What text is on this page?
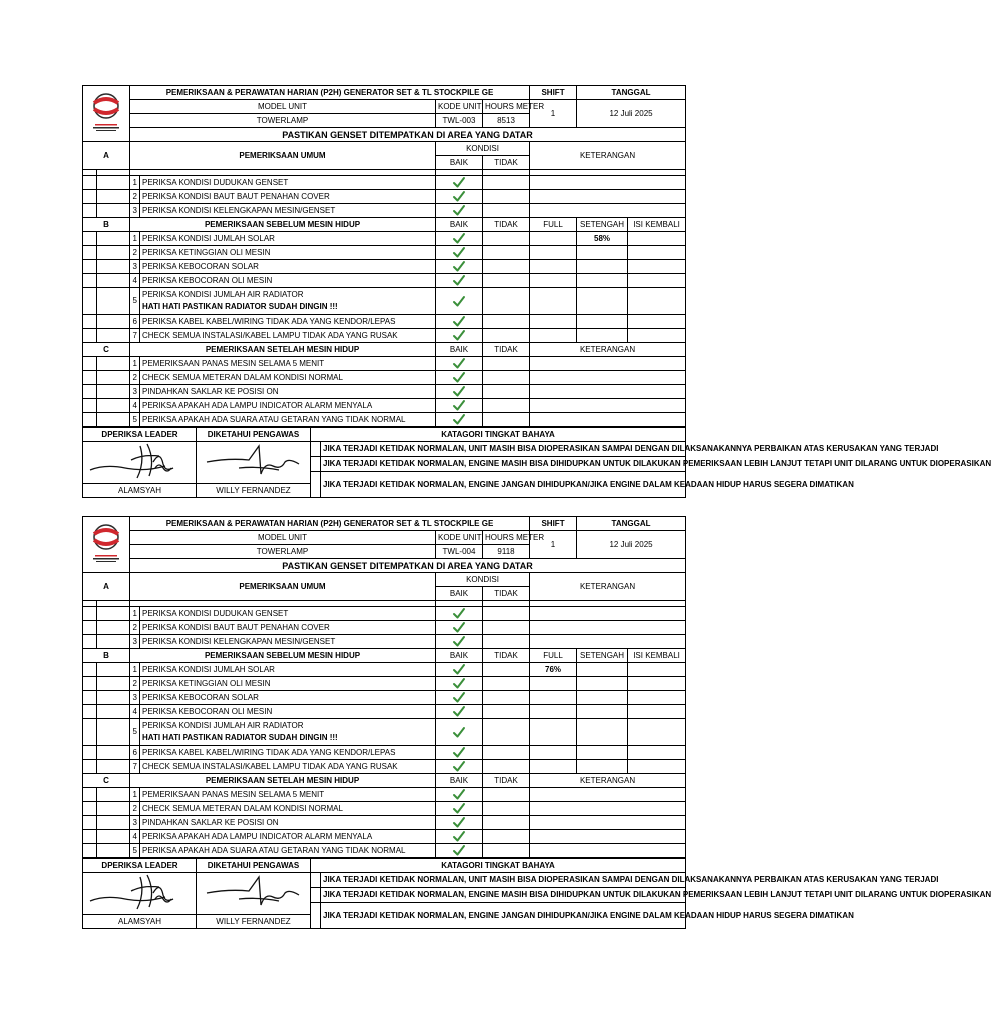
	PEMERIKSAAN & PERAWATAN HARIAN (P2H) GENERATOR SET & TL STOCKPILE GE				SHIFT	TANGGAL	
		MODEL UNIT		KODE UNIT	HOURS METER	1	12 Juli 2025	
		TOWERLAMP		TWL-003	8513			
		PASTIKAN GENSET DITEMPATKAN DI AREA YANG DATAR						
A		PEMERIKSAAN UMUM		KONDISI		KETERANGAN		
				BAIK	TIDAK			

		1	PERIKSA KONDISI DUDUKAN GENSET	

		2	PERIKSA KONDISI BAUT BAUT PENAHAN COVER	

		3	PERIKSA KONDISI KELENGKAPAN MESIN/GENSET	

B		PEMERIKSAAN SEBELUM MESIN HIDUP		BAIK	TIDAK	FULL	SETENGAH	ISI KEMBALI
		1	PERIKSA KONDISI JUMLAH SOLAR				58%	
		2	PERIKSA KETINGGIAN OLI MESIN	

		3	PERIKSA KEBOCORAN SOLAR	

		4	PERIKSA KEBOCORAN OLI MESIN	

		5	PERIKSA KONDISI JUMLAH AIR RADIATOR
HATI HATI PASTIKAN RADIATOR SUDAH DINGIN !!!	

		6	PERIKSA KABEL KABEL/WIRING TIDAK ADA YANG KENDOR/LEPAS	

		7	CHECK SEMUA INSTALASI/KABEL LAMPU TIDAK ADA YANG RUSAK	

C		PEMERIKSAAN SETELAH MESIN HIDUP		BAIK	TIDAK	KETERANGAN		
		1	PEMERIKSAAN PANAS MESIN SELAMA 5 MENIT	

		2	CHECK SEMUA METERAN DALAM KONDISI NORMAL	

		3	PINDAHKAN SAKLAR KE POSISI ON	

		4	PERIKSA APAKAH ADA LAMPU INDICATOR ALARM MENYALA	

		5	PERIKSA APAKAH ADA SUARA ATAU GETARAN YANG TIDAK NORMAL	

DPERIKSA LEADER	DIKETAHUI PENGAWAS	KATAGORI TINGKAT BAHAYA	
			JIKA TERJADI KETIDAK NORMALAN, UNIT MASIH BISA DIOPERASIKAN SAMPAI DENGAN DILAKSANAKANNYA PERBAIKAN ATAS KERUSAKAN YANG TERJADI
			JIKA TERJADI KETIDAK NORMALAN, ENGINE MASIH BISA DIHIDUPKAN UNTUK DILAKUKAN PEMERIKSAAN LEBIH LANJUT TETAPI UNIT DILARANG UNTUK DIOPERASIKAN
			JIKA TERJADI KETIDAK NORMALAN, ENGINE JANGAN DIHIDUPKAN/JIKA ENGINE DALAM KEADAAN HIDUP HARUS SEGERA DIMATIKAN
ALAMSYAH	WILLY FERNANDEZ		
	PEMERIKSAAN & PERAWATAN HARIAN (P2H) GENERATOR SET & TL STOCKPILE GE				SHIFT	TANGGAL	
		MODEL UNIT		KODE UNIT	HOURS METER	1	12 Juli 2025	
		TOWERLAMP		TWL-004	9118			
		PASTIKAN GENSET DITEMPATKAN DI AREA YANG DATAR						
A		PEMERIKSAAN UMUM		KONDISI		KETERANGAN		
				BAIK	TIDAK			

		1	PERIKSA KONDISI DUDUKAN GENSET	

		2	PERIKSA KONDISI BAUT BAUT PENAHAN COVER	

		3	PERIKSA KONDISI KELENGKAPAN MESIN/GENSET	

B		PEMERIKSAAN SEBELUM MESIN HIDUP		BAIK	TIDAK	FULL	SETENGAH	ISI KEMBALI
		1	PERIKSA KONDISI JUMLAH SOLAR			76%		
		2	PERIKSA KETINGGIAN OLI MESIN	

		3	PERIKSA KEBOCORAN SOLAR	

		4	PERIKSA KEBOCORAN OLI MESIN	

		5	PERIKSA KONDISI JUMLAH AIR RADIATOR
HATI HATI PASTIKAN RADIATOR SUDAH DINGIN !!!	

		6	PERIKSA KABEL KABEL/WIRING TIDAK ADA YANG KENDOR/LEPAS	

		7	CHECK SEMUA INSTALASI/KABEL LAMPU TIDAK ADA YANG RUSAK	

C		PEMERIKSAAN SETELAH MESIN HIDUP		BAIK	TIDAK	KETERANGAN		
		1	PEMERIKSAAN PANAS MESIN SELAMA 5 MENIT	

		2	CHECK SEMUA METERAN DALAM KONDISI NORMAL	

		3	PINDAHKAN SAKLAR KE POSISI ON	

		4	PERIKSA APAKAH ADA LAMPU INDICATOR ALARM MENYALA	

		5	PERIKSA APAKAH ADA SUARA ATAU GETARAN YANG TIDAK NORMAL	

DPERIKSA LEADER	DIKETAHUI PENGAWAS	KATAGORI TINGKAT BAHAYA	
			JIKA TERJADI KETIDAK NORMALAN, UNIT MASIH BISA DIOPERASIKAN SAMPAI DENGAN DILAKSANAKANNYA PERBAIKAN ATAS KERUSAKAN YANG TERJADI
			JIKA TERJADI KETIDAK NORMALAN, ENGINE MASIH BISA DIHIDUPKAN UNTUK DILAKUKAN PEMERIKSAAN LEBIH LANJUT TETAPI UNIT DILARANG UNTUK DIOPERASIKAN
			JIKA TERJADI KETIDAK NORMALAN, ENGINE JANGAN DIHIDUPKAN/JIKA ENGINE DALAM KEADAAN HIDUP HARUS SEGERA DIMATIKAN
ALAMSYAH	WILLY FERNANDEZ		
